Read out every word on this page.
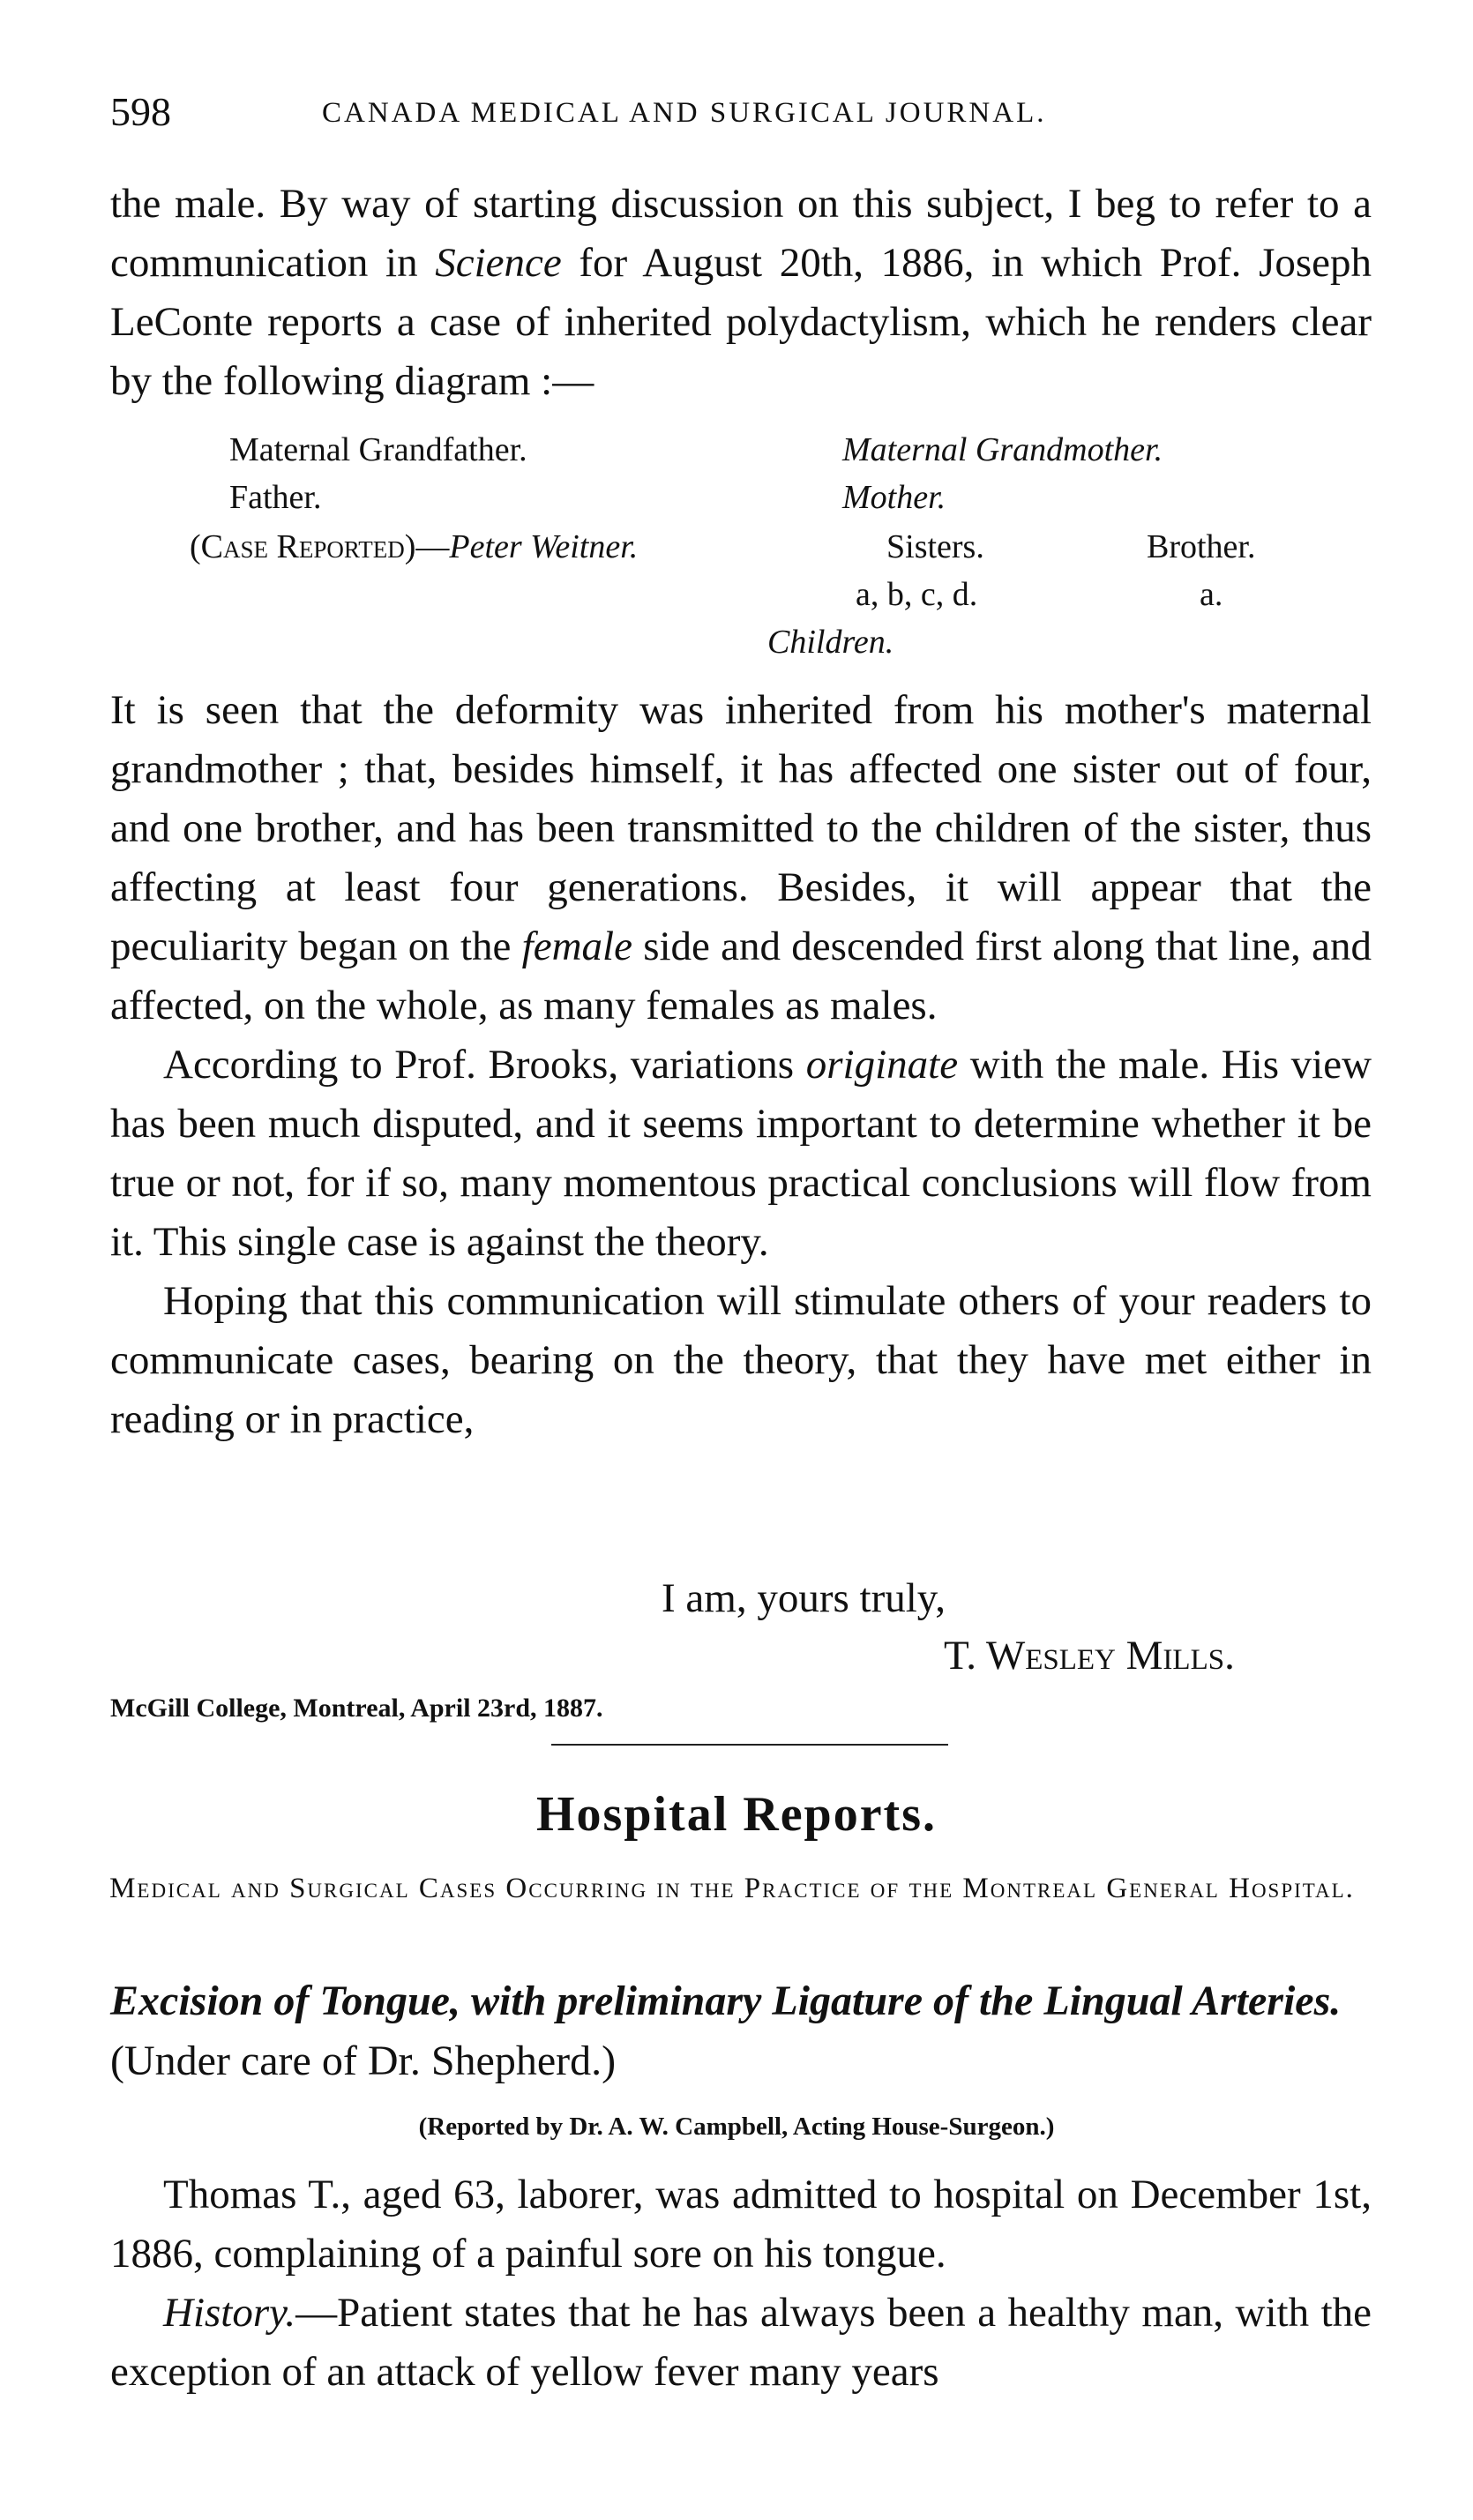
598	CANADA MEDICAL AND SURGICAL JOURNAL.

the male. By way of starting discussion on this subject, I beg to refer to a communication in Science for August 20th, 1886, in which Prof. Joseph LeConte reports a case of inherited polydactylism, which he renders clear by the following diagram :—

Maternal Grandfather.	Maternal Grandmother.
Father.	Mother.
(Case Reported)—Peter Weitner.	Sisters.	Brother.
a, b, c, d.	a.
Children.

It is seen that the deformity was inherited from his mother's maternal grandmother ; that, besides himself, it has affected one sister out of four, and one brother, and has been transmitted to the children of the sister, thus affecting at least four generations. Besides, it will appear that the peculiarity began on the female side and descended first along that line, and affected, on the whole, as many females as males.

According to Prof. Brooks, variations originate with the male. His view has been much disputed, and it seems important to determine whether it be true or not, for if so, many momentous practical conclusions will flow from it. This single case is against the theory.

Hoping that this communication will stimulate others of your readers to communicate cases, bearing on the theory, that they have met either in reading or in practice,

I am, yours truly,
T. Wesley Mills.
McGill College, Montreal, April 23rd, 1887.
Hospital Reports.
Medical and Surgical Cases Occurring in the Practice of the Montreal General Hospital.
Excision of Tongue, with preliminary Ligature of the Lingual Arteries. (Under care of Dr. Shepherd.)
(Reported by Dr. A. W. Campbell, Acting House-Surgeon.)

Thomas T., aged 63, laborer, was admitted to hospital on December 1st, 1886, complaining of a painful sore on his tongue.

History.—Patient states that he has always been a healthy man, with the exception of an attack of yellow fever many years
